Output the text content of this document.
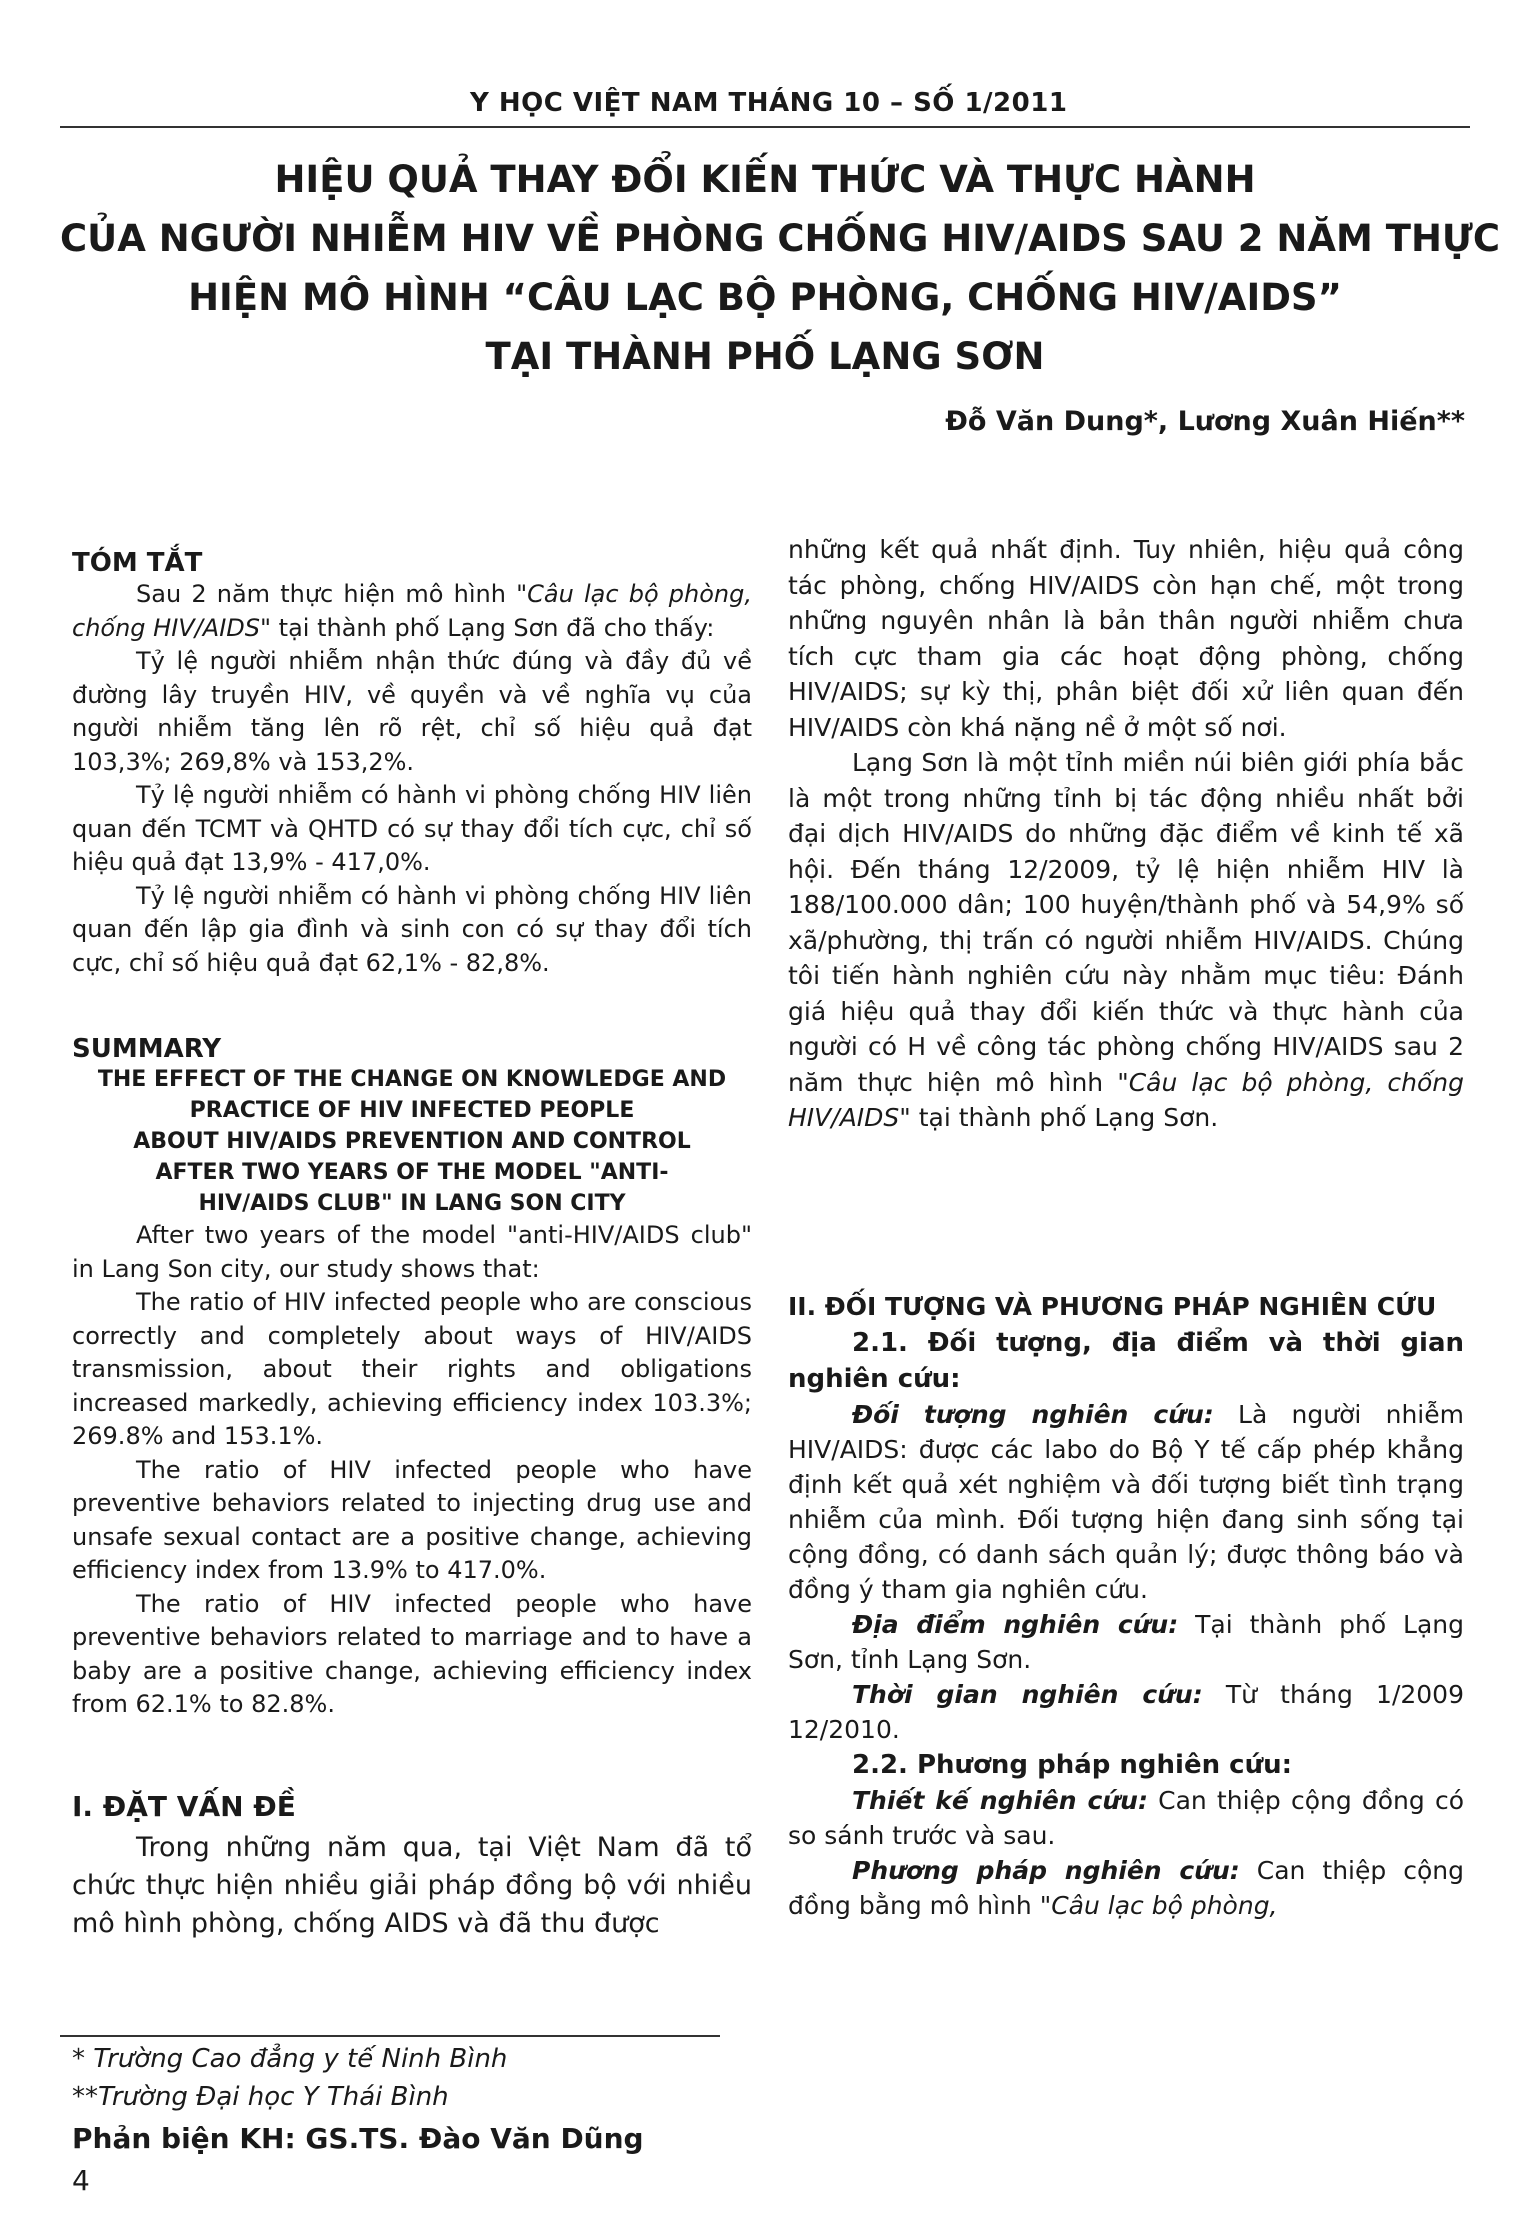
Y HỌC VIỆT NAM THÁNG 10 – SỐ 1/2011
HIỆU QUẢ THAY ĐỔI KIẾN THỨC VÀ THỰC HÀNH
CỦA NGƯỜI NHIỄM HIV VỀ PHÒNG CHỐNG HIV/AIDS SAU 2 NĂM THỰC
HIỆN MÔ HÌNH “CÂU LẠC BỘ PHÒNG, CHỐNG HIV/AIDS”
TẠI THÀNH PHỐ LẠNG SƠN
Đỗ Văn Dung*, Lương Xuân Hiến**
TÓM TẮT

Sau 2 năm thực hiện mô hình "Câu lạc bộ phòng, chống HIV/AIDS" tại thành phố Lạng Sơn đã cho thấy:

Tỷ lệ người nhiễm nhận thức đúng và đầy đủ về đường lây truyền HIV, về quyền và về nghĩa vụ của người nhiễm tăng lên rõ rệt, chỉ số hiệu quả đạt 103,3%; 269,8% và 153,2%.

Tỷ lệ người nhiễm có hành vi phòng chống HIV liên quan đến TCMT và QHTD có sự thay đổi tích cực, chỉ số hiệu quả đạt 13,9% - 417,0%.

Tỷ lệ người nhiễm có hành vi phòng chống HIV liên quan đến lập gia đình và sinh con có sự thay đổi tích cực, chỉ số hiệu quả đạt 62,1% - 82,8%.

SUMMARY
THE EFFECT OF THE CHANGE ON KNOWLEDGE AND
PRACTICE OF HIV INFECTED PEOPLE
ABOUT HIV/AIDS PREVENTION AND CONTROL
AFTER TWO YEARS OF THE MODEL "ANTI-
HIV/AIDS CLUB" IN LANG SON CITY

After two years of the model "anti-HIV/AIDS club" in Lang Son city, our study shows that:

The ratio of HIV infected people who are conscious correctly and completely about ways of HIV/AIDS transmission, about their rights and obligations increased markedly, achieving efficiency index 103.3%; 269.8% and 153.1%.

The ratio of HIV infected people who have preventive behaviors related to injecting drug use and unsafe sexual contact are a positive change, achieving efficiency index from 13.9% to 417.0%.

The ratio of HIV infected people who have preventive behaviors related to marriage and to have a baby are a positive change, achieving efficiency index from 62.1% to 82.8%.

I. ĐẶT VẤN ĐỀ

Trong những năm qua, tại Việt Nam đã tổ chức thực hiện nhiều giải pháp đồng bộ với nhiều mô hình phòng, chống AIDS và đã thu được

* Trường Cao đẳng y tế Ninh Bình
**Trường Đại học Y Thái Bình
Phản biện KH: GS.TS. Đào Văn Dũng
4

những kết quả nhất định. Tuy nhiên, hiệu quả công tác phòng, chống HIV/AIDS còn hạn chế, một trong những nguyên nhân là bản thân người nhiễm chưa tích cực tham gia các hoạt động phòng, chống HIV/AIDS; sự kỳ thị, phân biệt đối xử liên quan đến HIV/AIDS còn khá nặng nề ở một số nơi.

Lạng Sơn là một tỉnh miền núi biên giới phía bắc là một trong những tỉnh bị tác động nhiều nhất bởi đại dịch HIV/AIDS do những đặc điểm về kinh tế xã hội. Đến tháng 12/2009, tỷ lệ hiện nhiễm HIV là 188/100.000 dân; 100 huyện/thành phố và 54,9% số xã/phường, thị trấn có người nhiễm HIV/AIDS. Chúng tôi tiến hành nghiên cứu này nhằm mục tiêu: Đánh giá hiệu quả thay đổi kiến thức và thực hành của người có H về công tác phòng chống HIV/AIDS sau 2 năm thực hiện mô hình "Câu lạc bộ phòng, chống HIV/AIDS" tại thành phố Lạng Sơn.

II. ĐỐI TƯỢNG VÀ PHƯƠNG PHÁP NGHIÊN CỨU

2.1. Đối tượng, địa điểm và thời gian nghiên cứu:

Đối tượng nghiên cứu: Là người nhiễm HIV/AIDS: được các labo do Bộ Y tế cấp phép khẳng định kết quả xét nghiệm và đối tượng biết tình trạng nhiễm của mình. Đối tượng hiện đang sinh sống tại cộng đồng, có danh sách quản lý; được thông báo và đồng ý tham gia nghiên cứu.

Địa điểm nghiên cứu: Tại thành phố Lạng Sơn, tỉnh Lạng Sơn.

Thời gian nghiên cứu: Từ tháng 1/2009 12/2010.

2.2. Phương pháp nghiên cứu:

Thiết kế nghiên cứu: Can thiệp cộng đồng có so sánh trước và sau.

Phương pháp nghiên cứu: Can thiệp cộng đồng bằng mô hình "Câu lạc bộ phòng,
